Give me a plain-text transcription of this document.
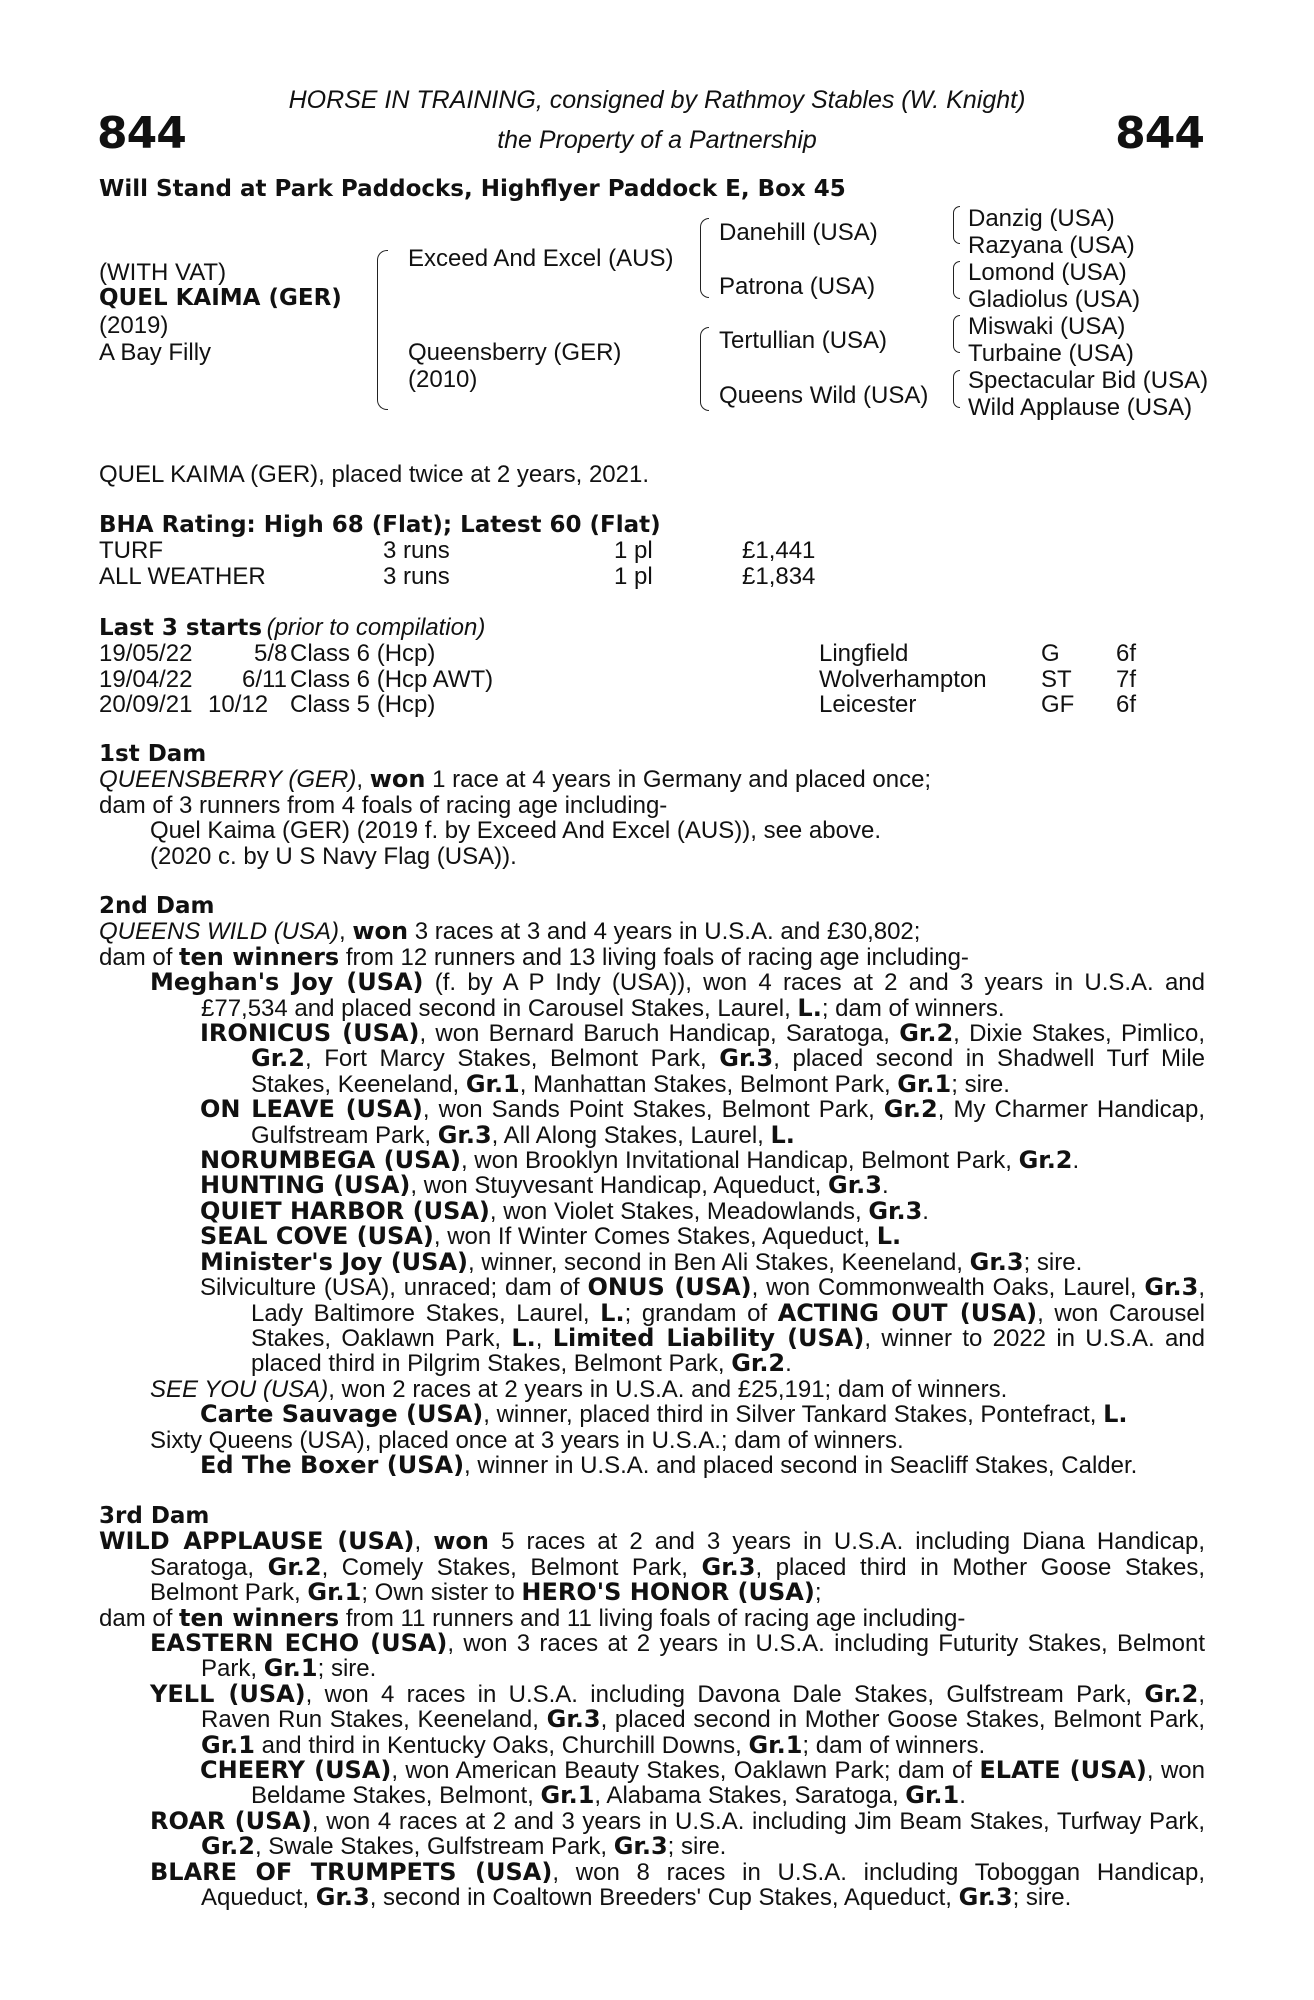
844	844
HORSE IN TRAINING, consigned by Rathmoy Stables (W. Knight)
the Property of a Partnership
Will Stand at Park Paddocks, Highflyer Paddock E, Box 45
(WITH VAT)
QUEL KAIMA (GER)
(2019)
A Bay Filly
Exceed And Excel (AUS)
Queensberry (GER)
(2010)
Danehill (USA)
Patrona (USA)
Tertullian (USA)
Queens Wild (USA)
Danzig (USA)
Razyana (USA)
Lomond (USA)
Gladiolus (USA)
Miswaki (USA)
Turbaine (USA)
Spectacular Bid (USA)
Wild Applause (USA)
QUEL KAIMA (GER), placed twice at 2 years, 2021.
BHA Rating: High 68 (Flat); Latest 60 (Flat)
TURF	3 runs	1 pl	£1,441
ALL WEATHER	3 runs	1 pl	£1,834
Last 3 starts (prior to compilation)
19/05/22	5/8 Class 6 (Hcp)	Lingfield	G 6f
19/04/22 6/11 Class 6 (Hcp AWT)	Wolverhampton ST 7f
20/09/21 10/12 Class 5 (Hcp)	Leicester	GF 6f

1st Dam

QUEENSBERRY (GER), won 1 race at 4 years in Germany and placed once;

dam of 3 runners from 4 foals of racing age including-

Quel Kaima (GER) (2019 f. by Exceed And Excel (AUS)), see above.

(2020 c. by U S Navy Flag (USA)).

2nd Dam

QUEENS WILD (USA), won 3 races at 3 and 4 years in U.S.A. and £30,802;

dam of ten winners from 12 runners and 13 living foals of racing age including-

Meghan's Joy (USA) (f. by A P Indy (USA)), won 4 races at 2 and 3 years in U.S.A. and £77,534 and placed second in Carousel Stakes, Laurel, L.; dam of winners.

IRONICUS (USA), won Bernard Baruch Handicap, Saratoga, Gr.2, Dixie Stakes, Pimlico, Gr.2, Fort Marcy Stakes, Belmont Park, Gr.3, placed second in Shadwell Turf Mile Stakes, Keeneland, Gr.1, Manhattan Stakes, Belmont Park, Gr.1; sire.

ON LEAVE (USA), won Sands Point Stakes, Belmont Park, Gr.2, My Charmer Handicap, Gulfstream Park, Gr.3, All Along Stakes, Laurel, L.

NORUMBEGA (USA), won Brooklyn Invitational Handicap, Belmont Park, Gr.2.

HUNTING (USA), won Stuyvesant Handicap, Aqueduct, Gr.3.

QUIET HARBOR (USA), won Violet Stakes, Meadowlands, Gr.3.

SEAL COVE (USA), won If Winter Comes Stakes, Aqueduct, L.

Minister's Joy (USA), winner, second in Ben Ali Stakes, Keeneland, Gr.3; sire.

Silviculture (USA), unraced; dam of ONUS (USA), won Commonwealth Oaks, Laurel, Gr.3, Lady Baltimore Stakes, Laurel, L.; grandam of ACTING OUT (USA), won Carousel Stakes, Oaklawn Park, L., Limited Liability (USA), winner to 2022 in U.S.A. and placed third in Pilgrim Stakes, Belmont Park, Gr.2.

SEE YOU (USA), won 2 races at 2 years in U.S.A. and £25,191; dam of winners.

Carte Sauvage (USA), winner, placed third in Silver Tankard Stakes, Pontefract, L.

Sixty Queens (USA), placed once at 3 years in U.S.A.; dam of winners.

Ed The Boxer (USA), winner in U.S.A. and placed second in Seacliff Stakes, Calder.

3rd Dam

WILD APPLAUSE (USA), won 5 races at 2 and 3 years in U.S.A. including Diana Handicap, Saratoga, Gr.2, Comely Stakes, Belmont Park, Gr.3, placed third in Mother Goose Stakes, Belmont Park, Gr.1; Own sister to HERO'S HONOR (USA);

dam of ten winners from 11 runners and 11 living foals of racing age including-

EASTERN ECHO (USA), won 3 races at 2 years in U.S.A. including Futurity Stakes, Belmont Park, Gr.1; sire.

YELL (USA), won 4 races in U.S.A. including Davona Dale Stakes, Gulfstream Park, Gr.2, Raven Run Stakes, Keeneland, Gr.3, placed second in Mother Goose Stakes, Belmont Park, Gr.1 and third in Kentucky Oaks, Churchill Downs, Gr.1; dam of winners.

CHEERY (USA), won American Beauty Stakes, Oaklawn Park; dam of ELATE (USA), won Beldame Stakes, Belmont, Gr.1, Alabama Stakes, Saratoga, Gr.1.

ROAR (USA), won 4 races at 2 and 3 years in U.S.A. including Jim Beam Stakes, Turfway Park, Gr.2, Swale Stakes, Gulfstream Park, Gr.3; sire.

BLARE OF TRUMPETS (USA), won 8 races in U.S.A. including Toboggan Handicap, Aqueduct, Gr.3, second in Coaltown Breeders' Cup Stakes, Aqueduct, Gr.3; sire.
